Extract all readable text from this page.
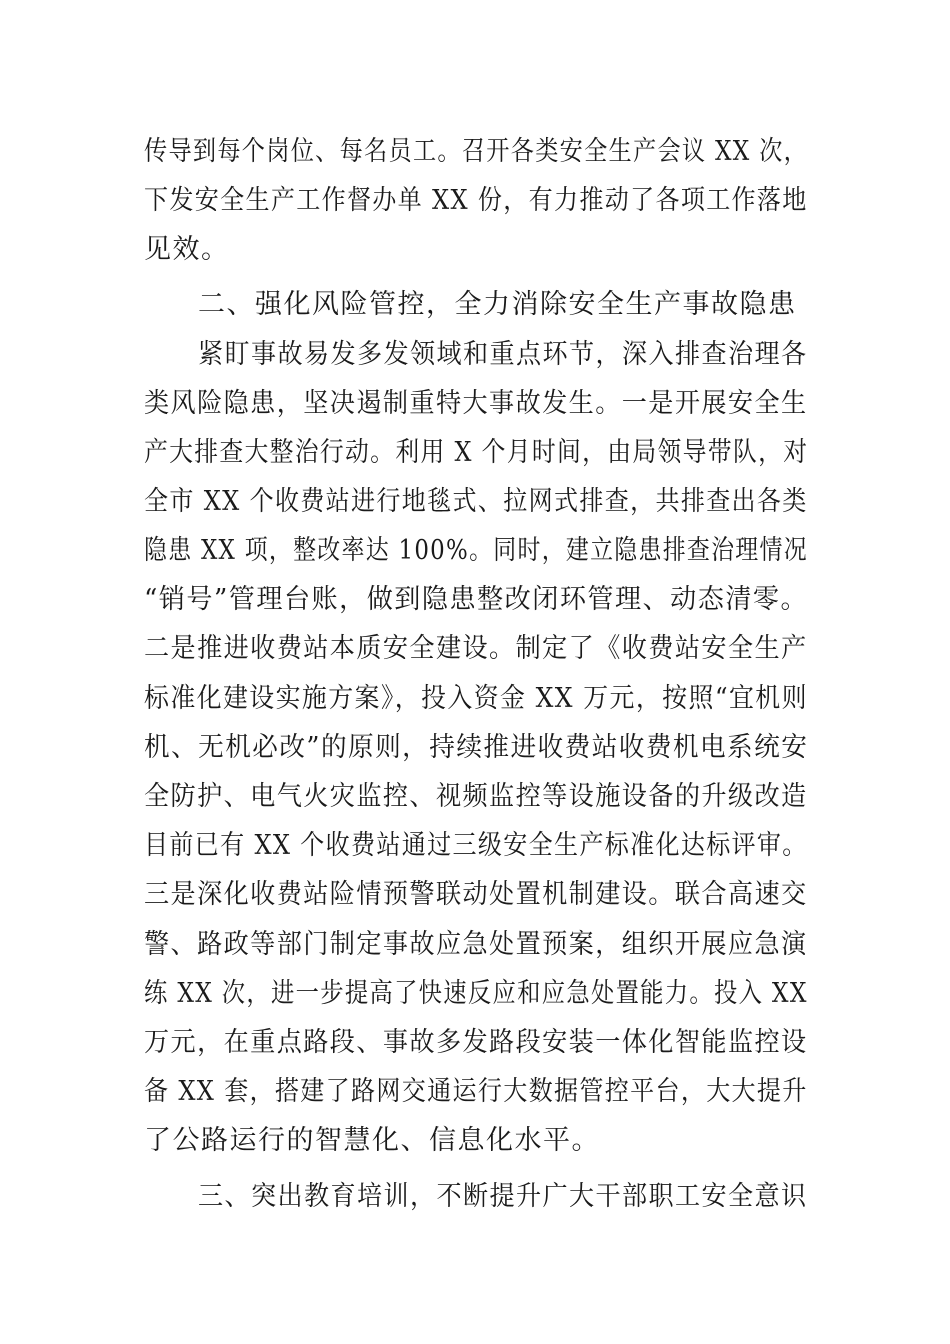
传导到每个岗位、每名员工。召开各类安全生产会议 XX 次，
下发安全生产工作督办单 XX 份，有力推动了各项工作落地
见效。
二、强化风险管控，全力消除安全生产事故隐患
紧盯事故易发多发领域和重点环节，深入排查治理各
类风险隐患，坚决遏制重特大事故发生。一是开展安全生
产大排查大整治行动。利用 X 个月时间，由局领导带队，对
全市 XX 个收费站进行地毯式、拉网式排查，共排查出各类
隐患 XX 项，整改率达 100%。同时，建立隐患排查治理情况
“销号”管理台账，做到隐患整改闭环管理、动态清零。
二是推进收费站本质安全建设。制定了《收费站安全生产
标准化建设实施方案》，投入资金 XX 万元，按照“宜机则
机、无机必改”的原则，持续推进收费站收费机电系统安
全防护、电气火灾监控、视频监控等设施设备的升级改造
目前已有 XX 个收费站通过三级安全生产标准化达标评审。
三是深化收费站险情预警联动处置机制建设。联合高速交
警、路政等部门制定事故应急处置预案，组织开展应急演
练 XX 次，进一步提高了快速反应和应急处置能力。投入 XX
万元，在重点路段、事故多发路段安装一体化智能监控设
备 XX 套，搭建了路网交通运行大数据管控平台，大大提升
了公路运行的智慧化、信息化水平。
三、突出教育培训，不断提升广大干部职工安全意识
